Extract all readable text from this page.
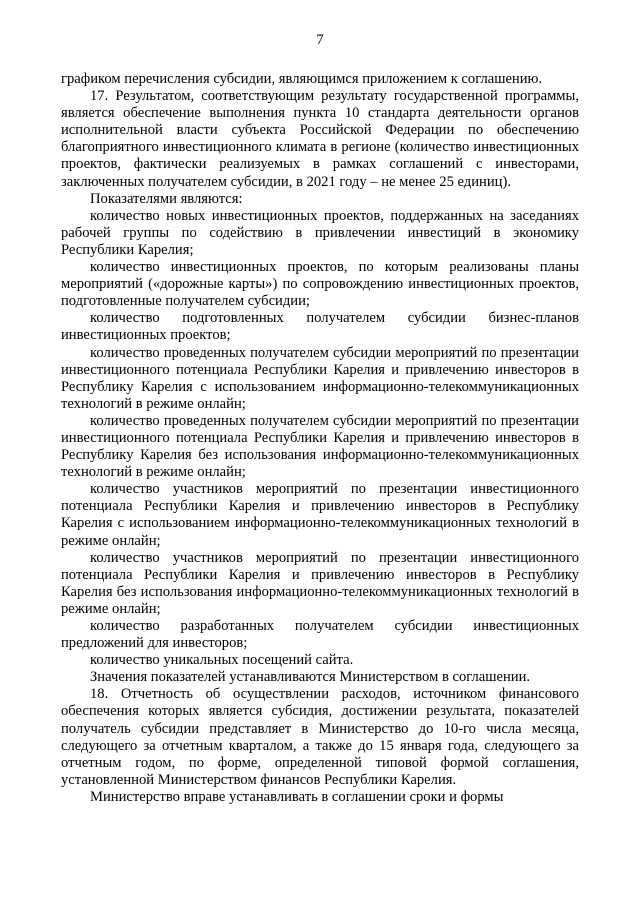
7

графиком перечисления субсидии, являющимся приложением к соглашению.

17. Результатом, соответствующим результату государственной программы, является обеспечение выполнения пункта 10 стандарта деятельности органов исполнительной власти субъекта Российской Федерации по обеспечению благоприятного инвестиционного климата в регионе (количество инвестиционных проектов, фактически реализуемых в рамках соглашений с инвесторами, заключенных получателем субсидии, в 2021 году – не менее 25 единиц).

Показателями являются:

количество новых инвестиционных проектов, поддержанных на заседаниях рабочей группы по содействию в привлечении инвестиций в экономику Республики Карелия;

количество инвестиционных проектов, по которым реализованы планы мероприятий («дорожные карты») по сопровождению инвестиционных проектов, подготовленные получателем субсидии;

количество подготовленных получателем субсидии бизнес-планов инвестиционных проектов;

количество проведенных получателем субсидии мероприятий по презентации инвестиционного потенциала Республики Карелия и привлечению инвесторов в Республику Карелия с использованием информационно-телекоммуникационных технологий в режиме онлайн;

количество проведенных получателем субсидии мероприятий по презентации инвестиционного потенциала Республики Карелия и привлечению инвесторов в Республику Карелия без использования информационно-телекоммуникационных технологий в режиме онлайн;

количество участников мероприятий по презентации инвестиционного потенциала Республики Карелия и привлечению инвесторов в Республику Карелия с использованием информационно-телекоммуникационных технологий в режиме онлайн;

количество участников мероприятий по презентации инвестиционного потенциала Республики Карелия и привлечению инвесторов в Республику Карелия без использования информационно-телекоммуникационных технологий в режиме онлайн;

количество разработанных получателем субсидии инвестиционных предложений для инвесторов;

количество уникальных посещений сайта.

Значения показателей устанавливаются Министерством в соглашении.

18. Отчетность об осуществлении расходов, источником финансового обеспечения которых является субсидия, достижении результата, показателей получатель субсидии представляет в Министерство до 10-го числа месяца, следующего за отчетным кварталом, а также до 15 января года, следующего за отчетным годом, по форме, определенной типовой формой соглашения, установленной Министерством финансов Республики Карелия.

Министерство вправе устанавливать в соглашении сроки и формы
